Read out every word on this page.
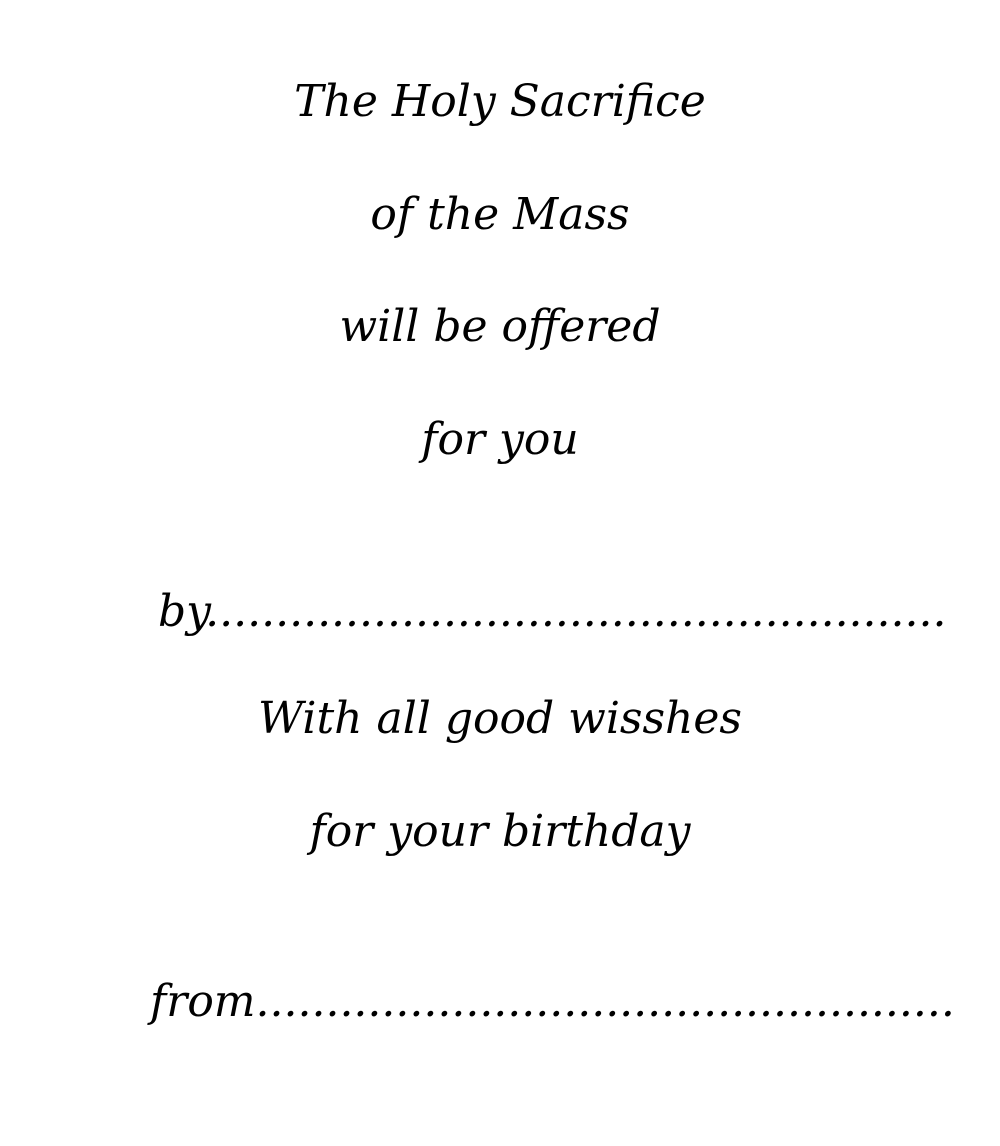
The Holy Sacrifice
of the Mass
will be offered
for you
by.....................................................
With all good wisshes
for your birthday
from..................................................
